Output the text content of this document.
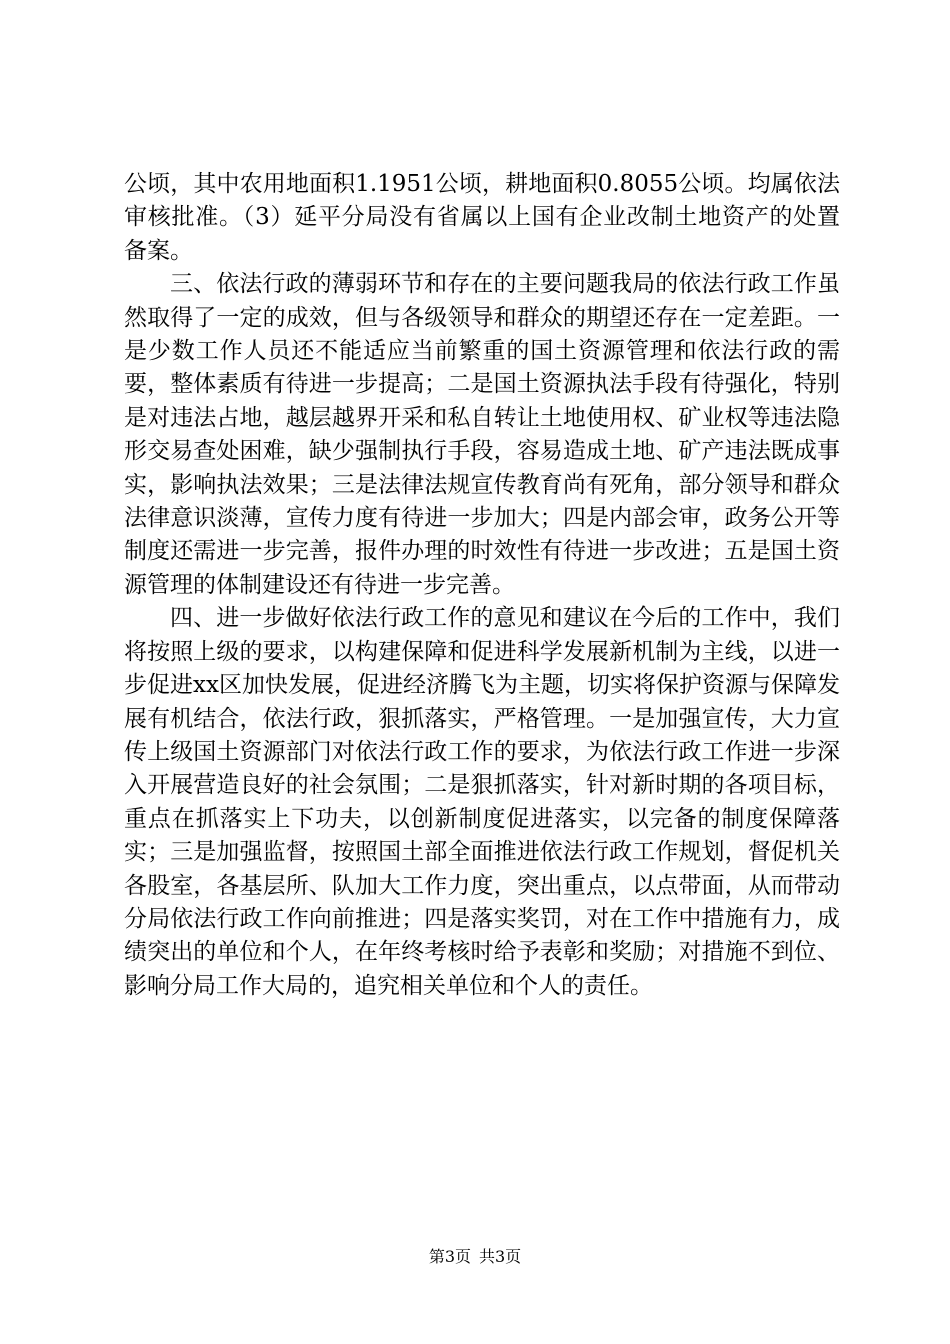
公顷，其中农用地面积1.1951公顷，耕地面积0.8055公顷。均属依法审核批准。（3）延平分局没有省属以上国有企业改制土地资产的处置备案。

三、依法行政的薄弱环节和存在的主要问题我局的依法行政工作虽然取得了一定的成效，但与各级领导和群众的期望还存在一定差距。一是少数工作人员还不能适应当前繁重的国土资源管理和依法行政的需要，整体素质有待进一步提高；二是国土资源执法手段有待强化，特别是对违法占地，越层越界开采和私自转让土地使用权、矿业权等违法隐形交易查处困难，缺少强制执行手段，容易造成土地、矿产违法既成事实，影响执法效果；三是法律法规宣传教育尚有死角，部分领导和群众法律意识淡薄，宣传力度有待进一步加大；四是内部会审，政务公开等制度还需进一步完善，报件办理的时效性有待进一步改进；五是国土资源管理的体制建设还有待进一步完善。

四、进一步做好依法行政工作的意见和建议在今后的工作中，我们将按照上级的要求，以构建保障和促进科学发展新机制为主线，以进一步促进xx区加快发展，促进经济腾飞为主题，切实将保护资源与保障发展有机结合，依法行政，狠抓落实，严格管理。一是加强宣传，大力宣传上级国土资源部门对依法行政工作的要求，为依法行政工作进一步深入开展营造良好的社会氛围；二是狠抓落实，针对新时期的各项目标，重点在抓落实上下功夫，以创新制度促进落实，以完备的制度保障落实；三是加强监督，按照国土部全面推进依法行政工作规划，督促机关各股室，各基层所、队加大工作力度，突出重点，以点带面，从而带动分局依法行政工作向前推进；四是落实奖罚，对在工作中措施有力，成绩突出的单位和个人，在年终考核时给予表彰和奖励；对措施不到位、影响分局工作大局的，追究相关单位和个人的责任。

第3页 共3页
